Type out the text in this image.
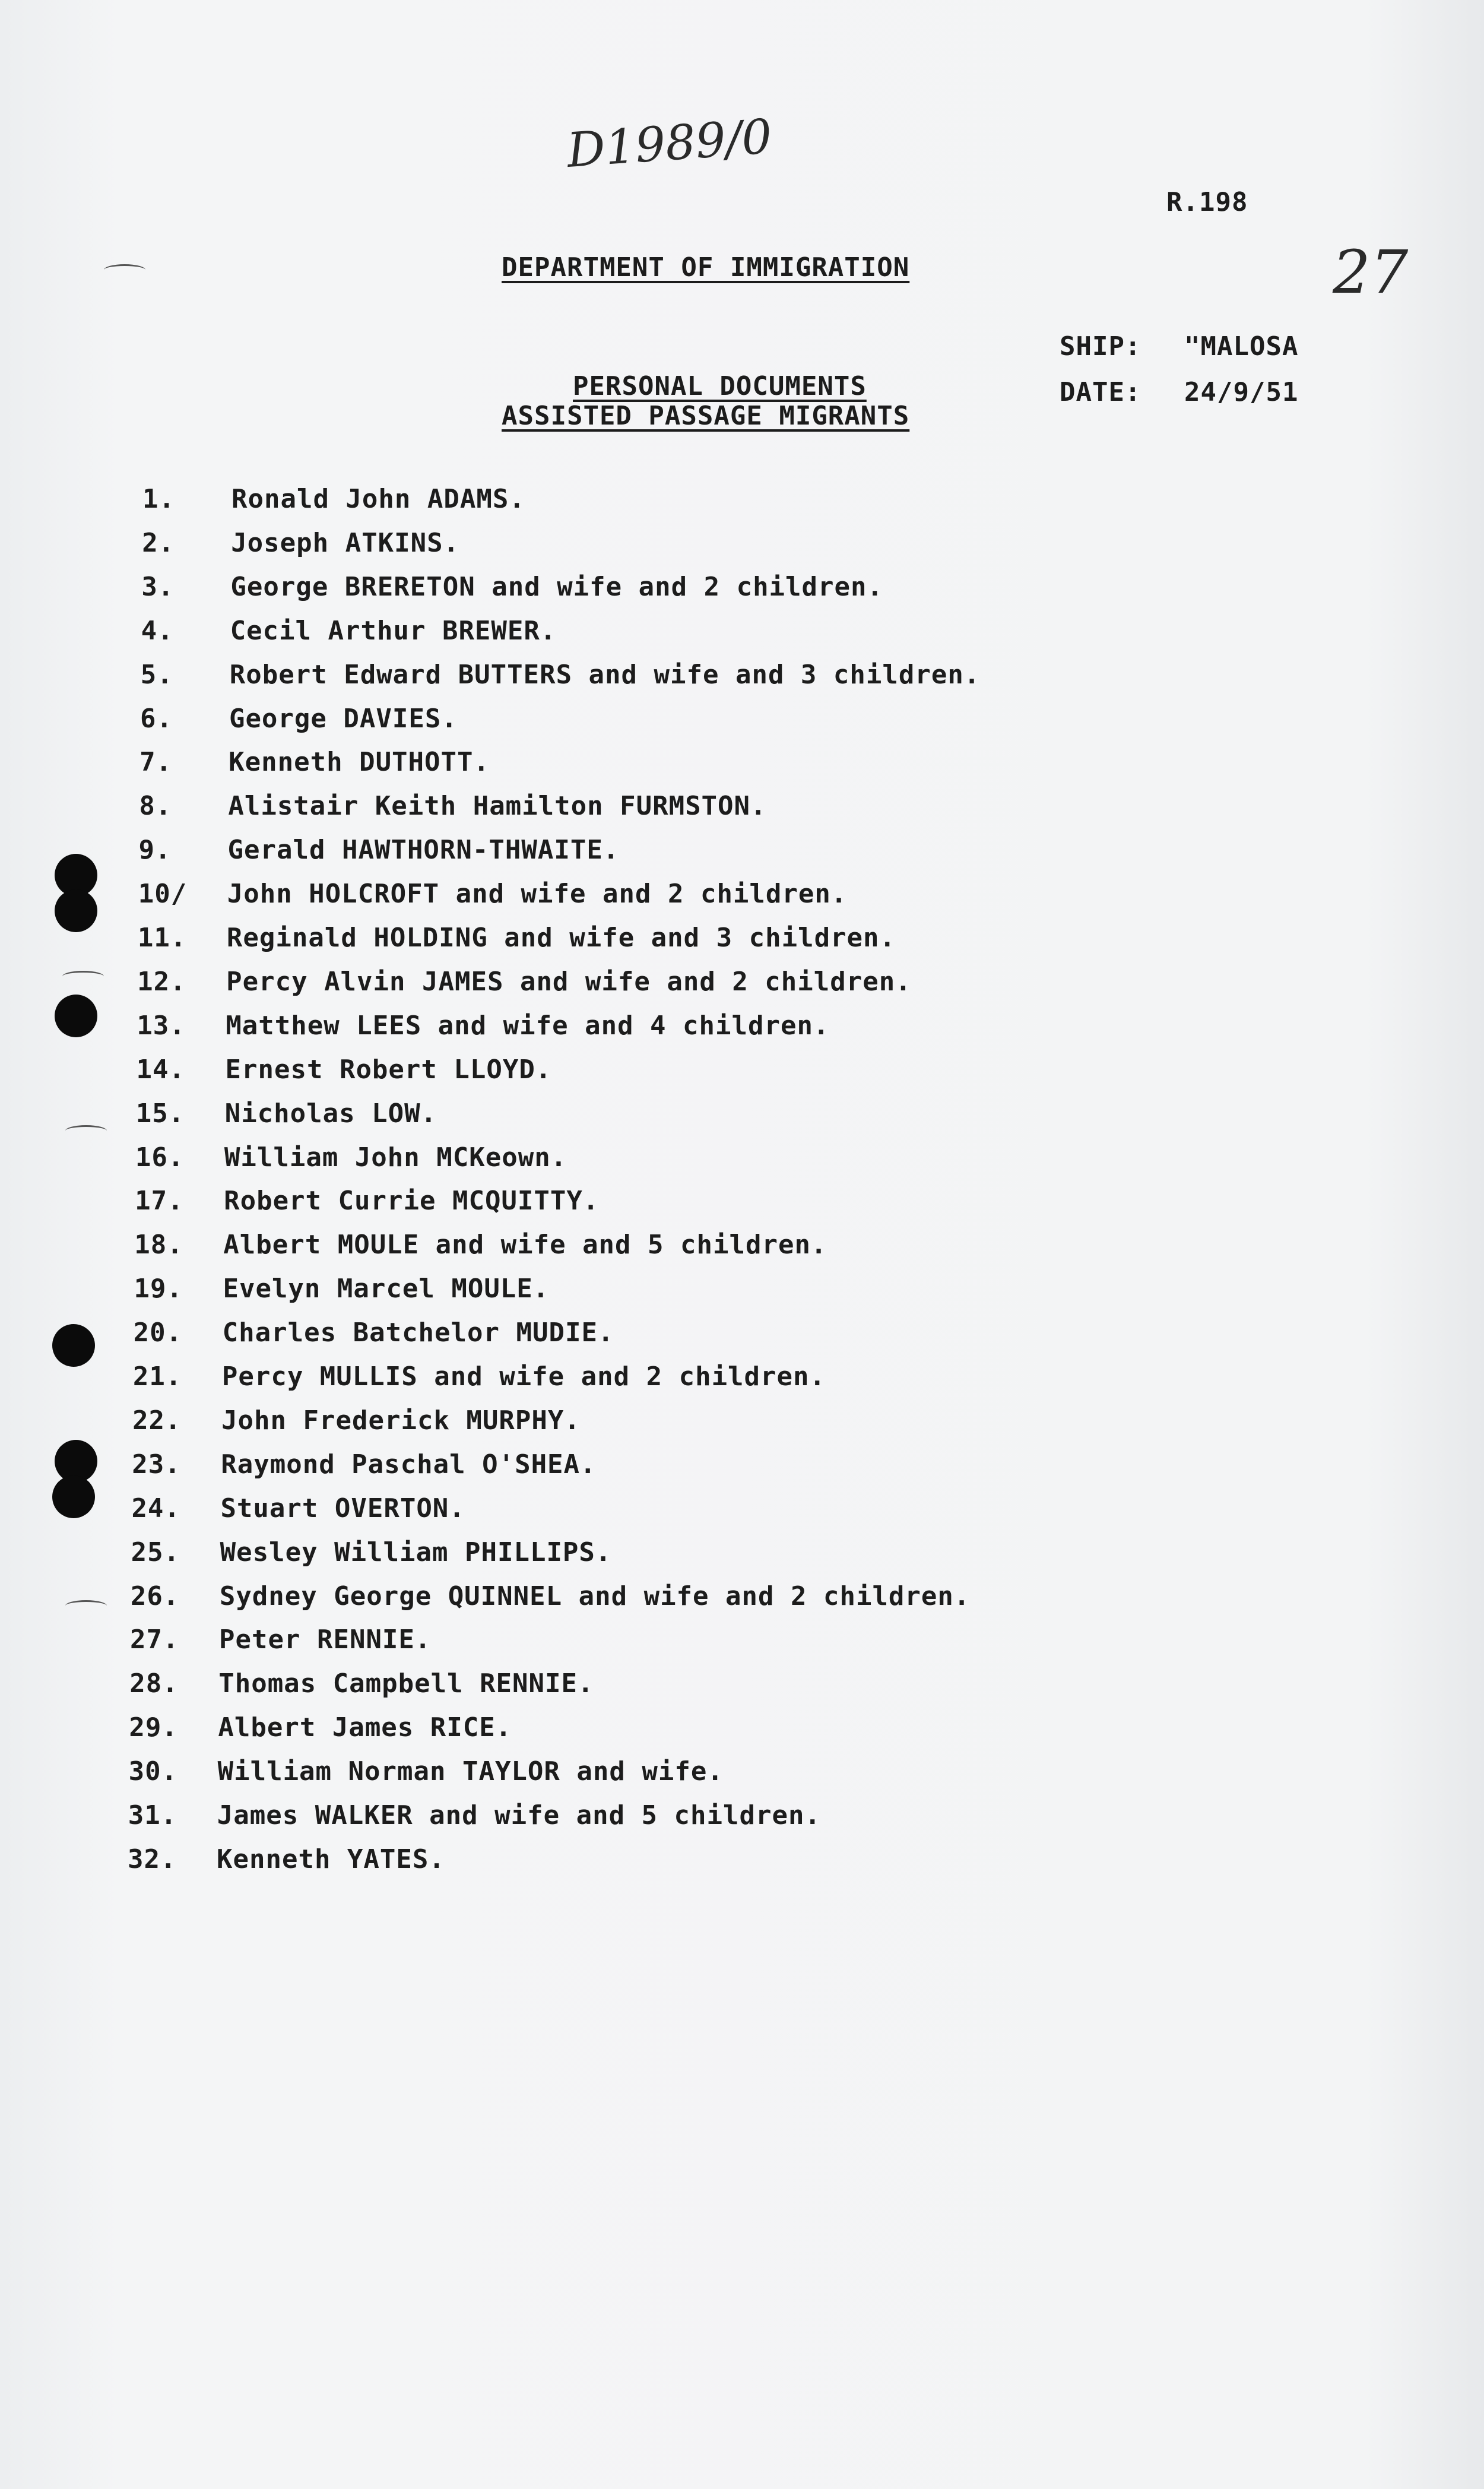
D1989/0
27
R.198
DEPARTMENT OF IMMIGRATION
SHIP: "MALOSA
DATE: 24/9/51
PERSONAL DOCUMENTS
ASSISTED PASSAGE MIGRANTS
1. Ronald John ADAMS.
2. Joseph ATKINS.
3. George BRERETON and wife and 2 children.
4. Cecil Arthur BREWER.
5. Robert Edward BUTTERS and wife and 3 children.
6. George DAVIES.
7. Kenneth DUTHOTT.
8. Alistair Keith Hamilton FURMSTON.
9. Gerald HAWTHORN-THWAITE.
10/ John HOLCROFT and wife and 2 children.
11. Reginald HOLDING and wife and 3 children.
12. Percy Alvin JAMES and wife and 2 children.
13. Matthew LEES and wife and 4 children.
14. Ernest Robert LLOYD.
15. Nicholas LOW.
16. William John MCKeown.
17. Robert Currie MCQUITTY.
18. Albert MOULE and wife and 5 children.
19. Evelyn Marcel MOULE.
20. Charles Batchelor MUDIE.
21. Percy MULLIS and wife and 2 children.
22. John Frederick MURPHY.
23. Raymond Paschal O'SHEA.
24. Stuart OVERTON.
25. Wesley William PHILLIPS.
26. Sydney George QUINNEL and wife and 2 children.
27. Peter RENNIE.
28. Thomas Campbell RENNIE.
29. Albert James RICE.
30. William Norman TAYLOR and wife.
31. James WALKER and wife and 5 children.
32. Kenneth YATES.
